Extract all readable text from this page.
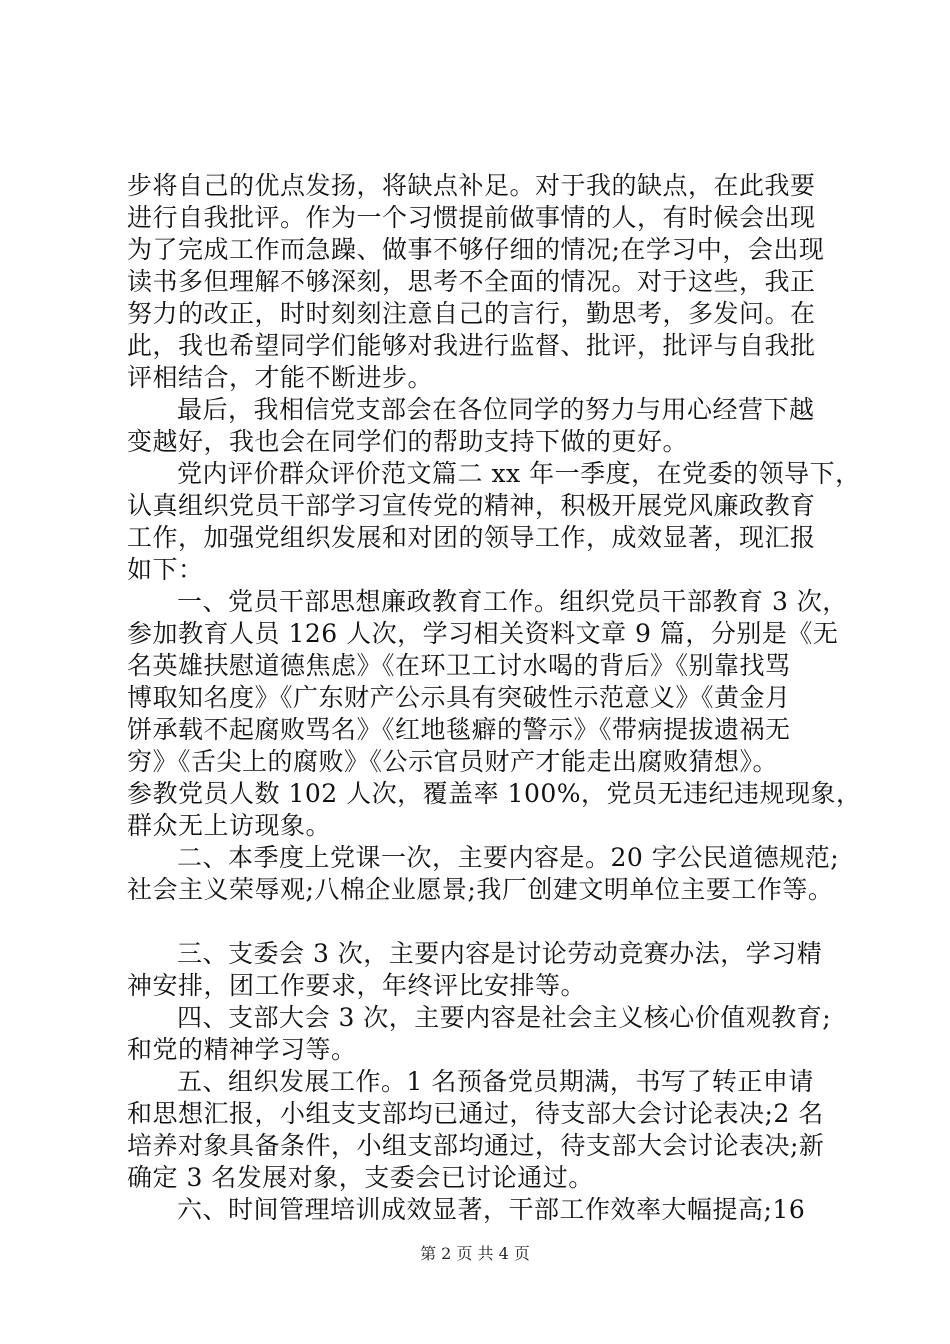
步将自己的优点发扬，将缺点补足。对于我的缺点，在此我要
进行自我批评。作为一个习惯提前做事情的人，有时候会出现
为了完成工作而急躁、做事不够仔细的情况;在学习中，会出现
读书多但理解不够深刻，思考不全面的情况。对于这些，我正
努力的改正，时时刻刻注意自己的言行，勤思考，多发问。在
此，我也希望同学们能够对我进行监督、批评，批评与自我批
评相结合，才能不断进步。
最后，我相信党支部会在各位同学的努力与用心经营下越
变越好，我也会在同学们的帮助支持下做的更好。
党内评价群众评价范文篇二 xx 年一季度，在党委的领导下，
认真组织党员干部学习宣传党的精神，积极开展党风廉政教育
工作，加强党组织发展和对团的领导工作，成效显著，现汇报
如下：
一、党员干部思想廉政教育工作。组织党员干部教育 3 次，
参加教育人员 126 人次，学习相关资料文章 9 篇，分别是《无
名英雄扶慰道德焦虑》《在环卫工讨水喝的背后》《别靠找骂
博取知名度》《广东财产公示具有突破性示范意义》《黄金月
饼承载不起腐败骂名》《红地毯癖的警示》《带病提拔遗祸无
穷》《舌尖上的腐败》《公示官员财产才能走出腐败猜想》。
参教党员人数 102 人次，覆盖率 100%，党员无违纪违规现象，
群众无上访现象。
二、本季度上党课一次，主要内容是。20 字公民道德规范;
社会主义荣辱观;八棉企业愿景;我厂创建文明单位主要工作等。
三、支委会 3 次，主要内容是讨论劳动竞赛办法，学习精
神安排，团工作要求，年终评比安排等。
四、支部大会 3 次，主要内容是社会主义核心价值观教育;
和党的精神学习等。
五、组织发展工作。1 名预备党员期满，书写了转正申请
和思想汇报，小组支支部均已通过，待支部大会讨论表决;2 名
培养对象具备条件，小组支部均通过，待支部大会讨论表决;新
确定 3 名发展对象，支委会已讨论通过。
六、时间管理培训成效显著，干部工作效率大幅提高;16
第 2 页 共 4 页
